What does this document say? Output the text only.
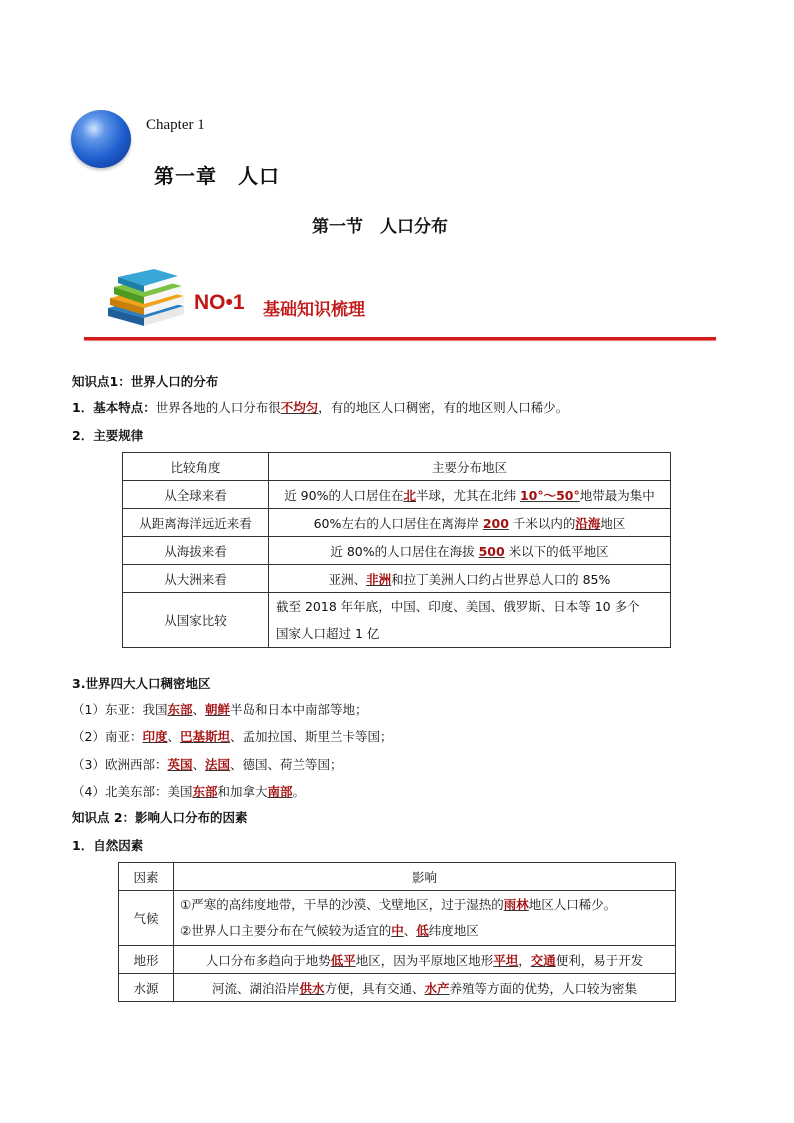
Chapter 1
第一章　人口
第一节　人口分布
NO•1 基础知识梳理
知识点1：世界人口的分布
1．基本特点：世界各地的人口分布很不均匀，有的地区人口稠密，有的地区则人口稀少。
2．主要规律
比较角度	主要分布地区
从全球来看	近 90%的人口居住在北半球，尤其在北纬 10°～50°地带最为集中
从距离海洋远近来看	60%左右的人口居住在离海岸 200 千米以内的沿海地区
从海拔来看	近 80%的人口居住在海拔 500 米以下的低平地区
从大洲来看	亚洲、非洲和拉丁美洲人口约占世界总人口的 85%
从国家比较	截至 2018 年年底，中国、印度、美国、俄罗斯、日本等 10 多个
国家人口超过 1 亿
3.世界四大人口稠密地区
（1）东亚：我国东部、朝鲜半岛和日本中南部等地；
（2）南亚：印度、巴基斯坦、孟加拉国、斯里兰卡等国；
（3）欧洲西部：英国、法国、德国、荷兰等国；
（4）北美东部：美国东部和加拿大南部。
知识点 2：影响人口分布的因素
1．自然因素
因素	影响
气候	①严寒的高纬度地带，干旱的沙漠、戈壁地区，过于湿热的雨林地区人口稀少。
②世界人口主要分布在气候较为适宜的中、低纬度地区
地形	人口分布多趋向于地势低平地区，因为平原地区地形平坦，交通便利，易于开发
水源	河流、湖泊沿岸供水方便，具有交通、水产养殖等方面的优势，人口较为密集
